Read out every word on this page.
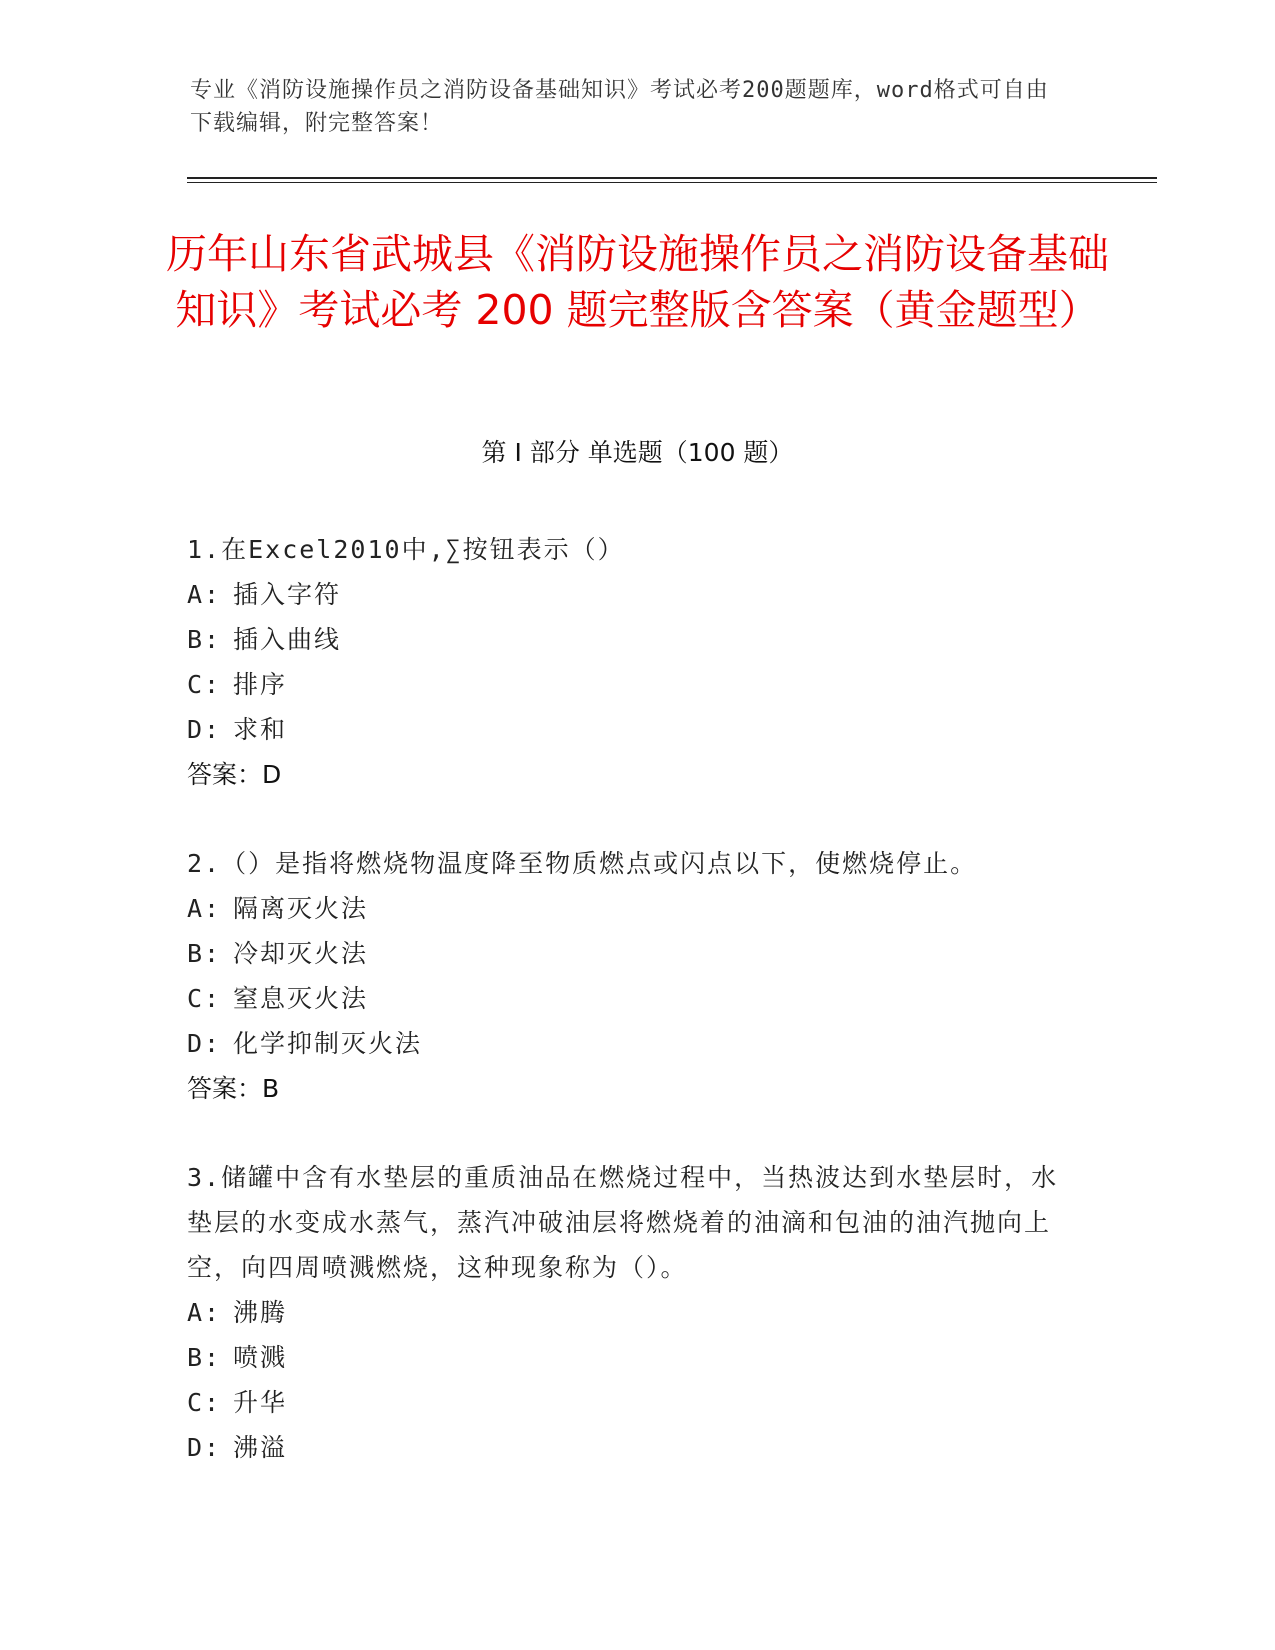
专业《消防设施操作员之消防设备基础知识》考试必考200题题库，word格式可自由下载编辑，附完整答案！
历年山东省武城县《消防设施操作员之消防设备基础知识》考试必考 200 题完整版含答案（黄金题型）
第 I 部分 单选题（100 题）
1.在Excel2010中,∑按钮表示（）
A: 插入字符
B: 插入曲线
C: 排序
D: 求和
答案：D
2.（）是指将燃烧物温度降至物质燃点或闪点以下，使燃烧停止。
A: 隔离灭火法
B: 冷却灭火法
C: 窒息灭火法
D: 化学抑制灭火法
答案：B
3.储罐中含有水垫层的重质油品在燃烧过程中，当热波达到水垫层时，水垫层的水变成水蒸气，蒸汽冲破油层将燃烧着的油滴和包油的油汽抛向上空，向四周喷溅燃烧，这种现象称为（）。
A: 沸腾
B: 喷溅
C: 升华
D: 沸溢
